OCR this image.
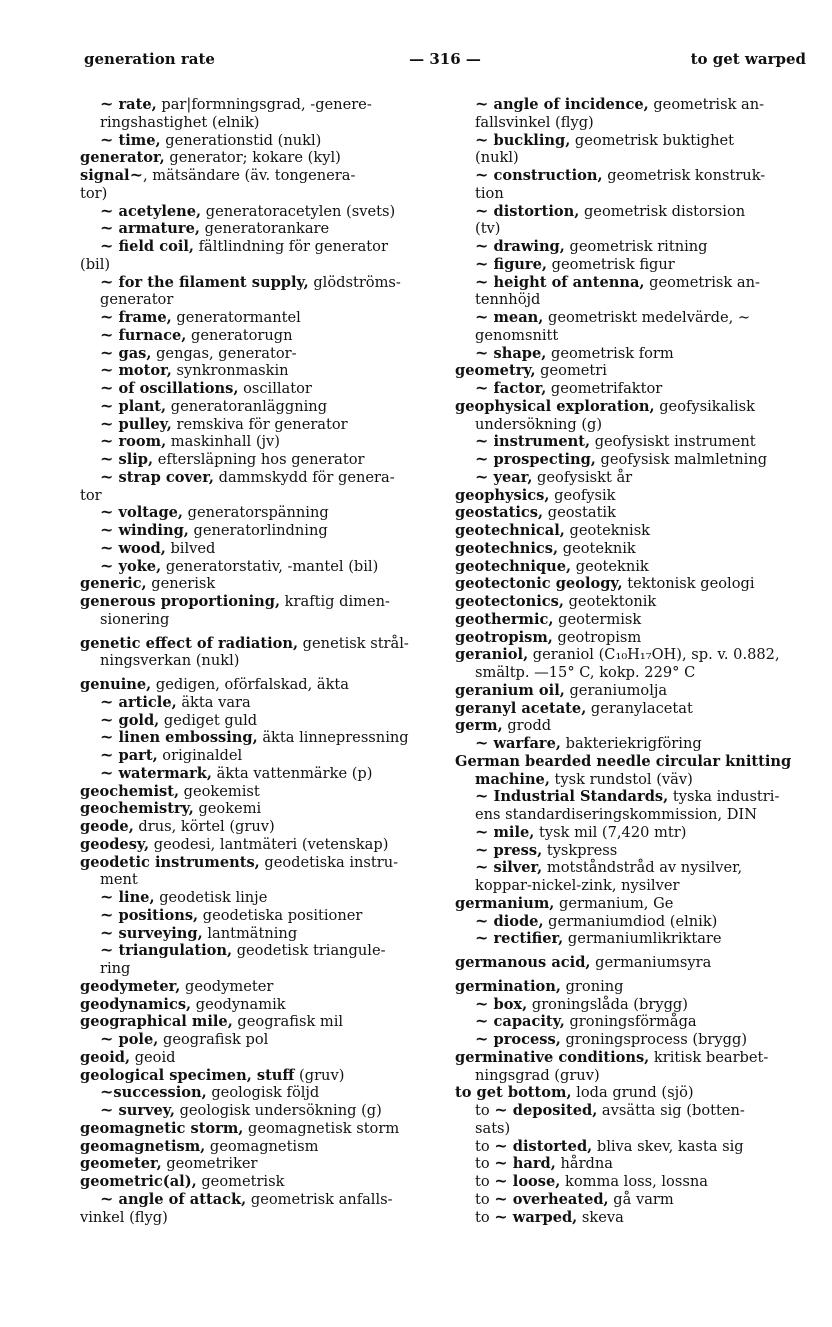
generation rate	— 316 —	to get warped
~ rate, par|formningsgrad, -genere-
ringshastighet (elnik)
~ time, generationstid (nukl)
generator, generator; kokare (kyl)
signal~, mätsändare (äv. tongenera-
tor)
~ acetylene, generatoracetylen (svets)
~ armature, generatorankare
~ field coil, fältlindning för generator
(bil)
~ for the filament supply, glödströms-
generator
~ frame, generatormantel
~ furnace, generatorugn
~ gas, gengas, generator-
~ motor, synkronmaskin
~ of oscillations, oscillator
~ plant, generatoranläggning
~ pulley, remskiva för generator
~ room, maskinhall (jv)
~ slip, eftersläpning hos generator
~ strap cover, dammskydd för genera-
tor
~ voltage, generatorspänning
~ winding, generatorlindning
~ wood, bilved
~ yoke, generatorstativ, -mantel (bil)
generic, generisk
generous proportioning, kraftig dimen-
sionering
genetic effect of radiation, genetisk strål-
ningsverkan (nukl)
genuine, gedigen, oförfalskad, äkta
~ article, äkta vara
~ gold, gediget guld
~ linen embossing, äkta linnepressning
~ part, originaldel
~ watermark, äkta vattenmärke (p)
geochemist, geokemist
geochemistry, geokemi
geode, drus, körtel (gruv)
geodesy, geodesi, lantmäteri (vetenskap)
geodetic instruments, geodetiska instru-
ment
~ line, geodetisk linje
~ positions, geodetiska positioner
~ surveying, lantmätning
~ triangulation, geodetisk triangule-
ring
geodymeter, geodymeter
geodynamics, geodynamik
geographical mile, geografisk mil
~ pole, geografisk pol
geoid, geoid
geological specimen, stuff (gruv)
~succession, geologisk följd
~ survey, geologisk undersökning (g)
geomagnetic storm, geomagnetisk storm
geomagnetism, geomagnetism
geometer, geometriker
geometric(al), geometrisk
~ angle of attack, geometrisk anfalls-
vinkel (flyg)
~ angle of incidence, geometrisk an-
fallsvinkel (flyg)
~ buckling, geometrisk buktighet
(nukl)
~ construction, geometrisk konstruk-
tion
~ distortion, geometrisk distorsion
(tv)
~ drawing, geometrisk ritning
~ figure, geometrisk figur
~ height of antenna, geometrisk an-
tennhöjd
~ mean, geometriskt medelvärde, ~
genomsnitt
~ shape, geometrisk form
geometry, geometri
~ factor, geometrifaktor
geophysical exploration, geofysikalisk
undersökning (g)
~ instrument, geofysiskt instrument
~ prospecting, geofysisk malmletning
~ year, geofysiskt år
geophysics, geofysik
geostatics, geostatik
geotechnical, geoteknisk
geotechnics, geoteknik
geotechnique, geoteknik
geotectonic geology, tektonisk geologi
geotectonics, geotektonik
geothermic, geotermisk
geotropism, geotropism
geraniol, geraniol (C₁₀H₁₇OH), sp. v. 0.882,
smältp. —15° C, kokp. 229° C
geranium oil, geraniumolja
geranyl acetate, geranylacetat
germ, grodd
~ warfare, bakteriekrigföring
German bearded needle circular knitting
machine, tysk rundstol (väv)
~ Industrial Standards, tyska industri-
ens standardiseringskommission, DIN
~ mile, tysk mil (7,420 mtr)
~ press, tyskpress
~ silver, motståndstråd av nysilver,
koppar-nickel-zink, nysilver
germanium, germanium, Ge
~ diode, germaniumdiod (elnik)
~ rectifier, germaniumlikriktare
germanous acid, germaniumsyra
germination, groning
~ box, groningslåda (brygg)
~ capacity, groningsförmåga
~ process, groningsprocess (brygg)
germinative conditions, kritisk bearbet-
ningsgrad (gruv)
to get bottom, loda grund (sjö)
to ~ deposited, avsätta sig (botten-
sats)
to ~ distorted, bliva skev, kasta sig
to ~ hard, hårdna
to ~ loose, komma loss, lossna
to ~ overheated, gå varm
to ~ warped, skeva
